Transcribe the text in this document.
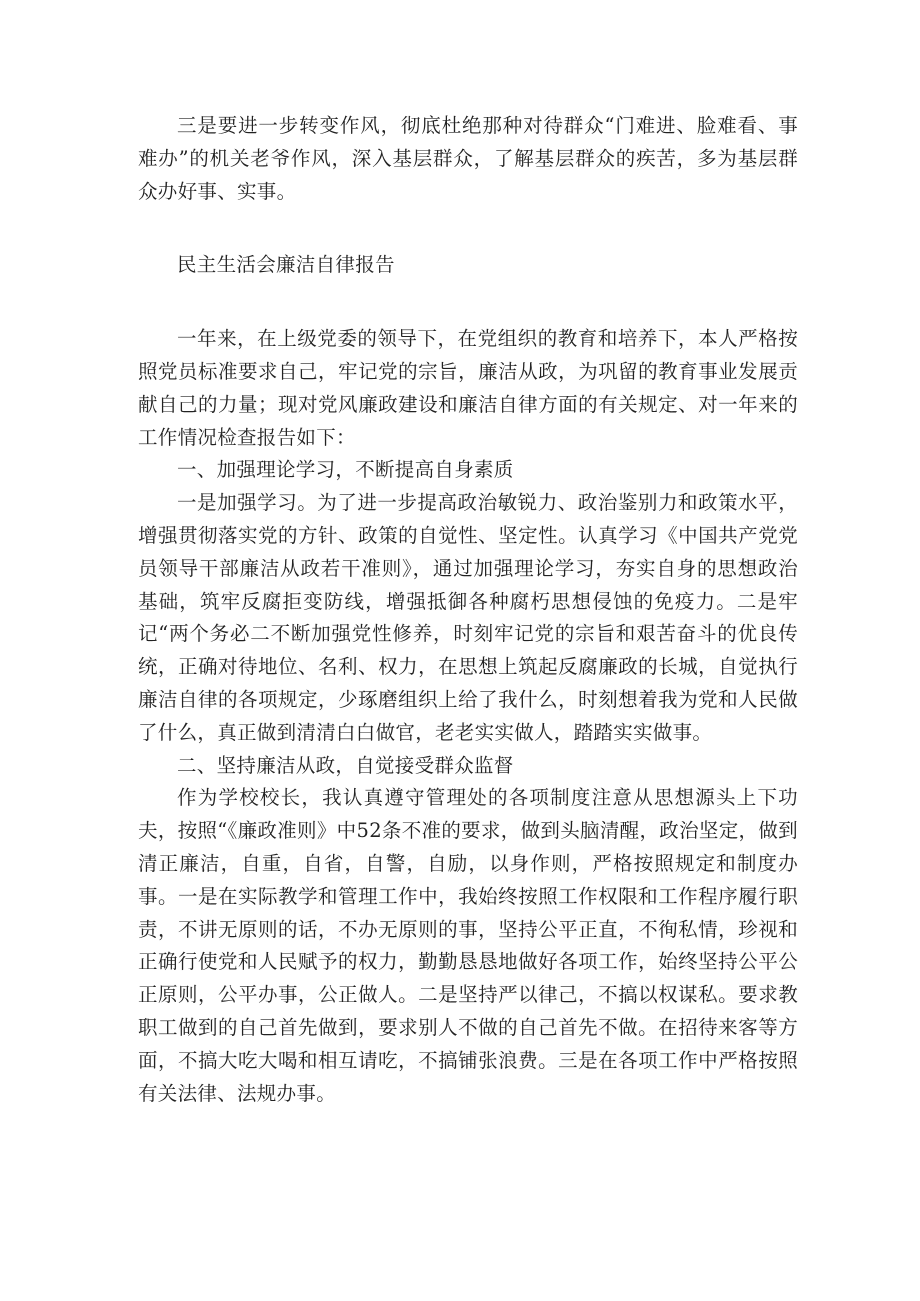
三是要进一步转变作风，彻底杜绝那种对待群众“门难进、脸难看、事难办”的机关老爷作风，深入基层群众，了解基层群众的疾苦，多为基层群众办好事、实事。

民主生活会廉洁自律报告

一年来，在上级党委的领导下，在党组织的教育和培养下，本人严格按照党员标准要求自己，牢记党的宗旨，廉洁从政，为巩留的教育事业发展贡献自己的力量；现对党风廉政建设和廉洁自律方面的有关规定、对一年来的工作情况检查报告如下：

一、加强理论学习，不断提高自身素质

一是加强学习。为了进一步提高政治敏锐力、政治鉴别力和政策水平，增强贯彻落实党的方针、政策的自觉性、坚定性。认真学习《中国共产党党员领导干部廉洁从政若干准则》，通过加强理论学习，夯实自身的思想政治基础，筑牢反腐拒变防线，增强抵御各种腐朽思想侵蚀的免疫力。二是牢记“两个务必二不断加强党性修养，时刻牢记党的宗旨和艰苦奋斗的优良传统，正确对待地位、名利、权力，在思想上筑起反腐廉政的长城，自觉执行廉洁自律的各项规定，少琢磨组织上给了我什么，时刻想着我为党和人民做了什么，真正做到清清白白做官，老老实实做人，踏踏实实做事。

二、坚持廉洁从政，自觉接受群众监督

作为学校校长，我认真遵守管理处的各项制度注意从思想源头上下功夫，按照“《廉政准则》中52条不准的要求，做到头脑清醒，政治坚定，做到清正廉洁，自重，自省，自警，自励，以身作则，严格按照规定和制度办事。一是在实际教学和管理工作中，我始终按照工作权限和工作程序履行职责，不讲无原则的话，不办无原则的事，坚持公平正直，不徇私情，珍视和正确行使党和人民赋予的权力，勤勤恳恳地做好各项工作，始终坚持公平公正原则，公平办事，公正做人。二是坚持严以律己，不搞以权谋私。要求教职工做到的自己首先做到，要求别人不做的自己首先不做。在招待来客等方面，不搞大吃大喝和相互请吃，不搞铺张浪费。三是在各项工作中严格按照有关法律、法规办事。
